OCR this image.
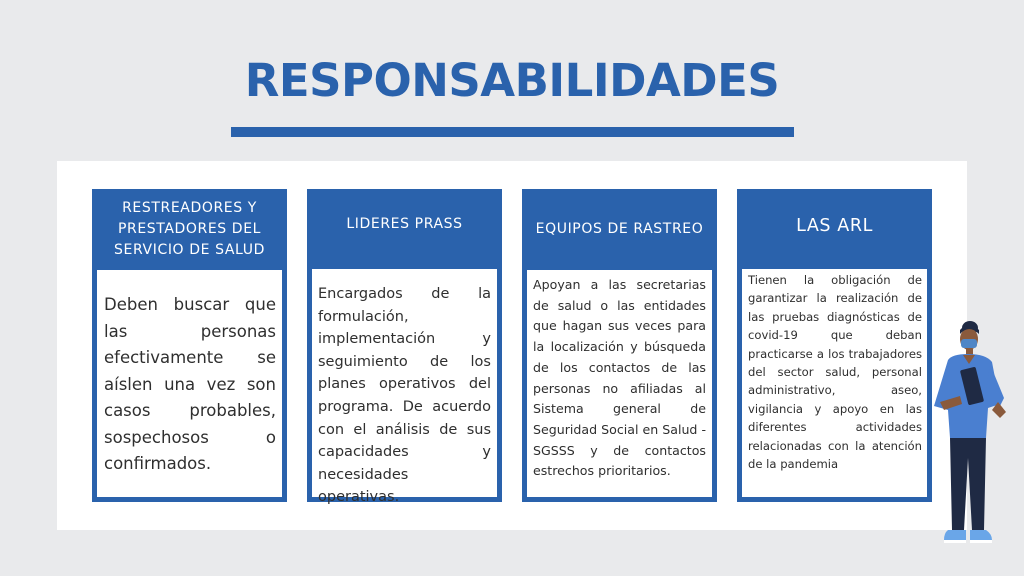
RESPONSABILIDADES
RESTREADORES Y PRESTADORES DEL SERVICIO DE SALUD
Deben buscar que las personas efectivamente se aíslen una vez son casos probables, sospechosos o confirmados.
LIDERES PRASS
Encargados de la formulación, implementación y seguimiento de los planes operativos del programa. De acuerdo con el análisis de sus capacidades y necesidades operativas.
EQUIPOS DE RASTREO
Apoyan a las secretarias de salud o las entidades que hagan sus veces para la localización y búsqueda de los contactos de las personas no afiliadas al Sistema general de Seguridad Social en Salud - SGSSS y de contactos estrechos prioritarios.
LAS ARL
Tienen la obligación de garantizar la realización de las pruebas diagnósticas de covid-19 que deban practicarse a los trabajadores del sector salud, personal administrativo, aseo, vigilancia y apoyo en las diferentes actividades relacionadas con la atención de la pandemia
